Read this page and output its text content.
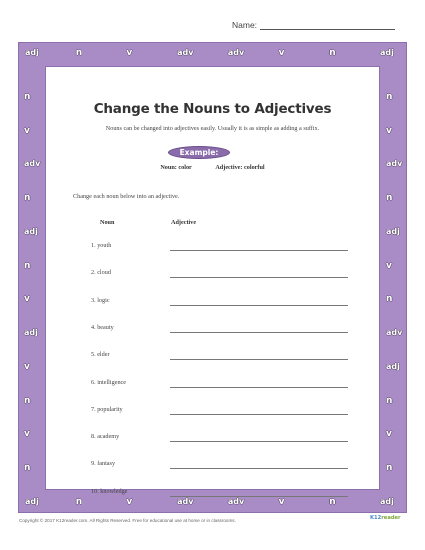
Name:
adj	n	v	adv	adv	v	n	adj
adj	n	v	adv	adv	v	n	adj
n
v
adv
n
adj
n
v
adj
v
n
v
n
n
v
adv
n
adj
v
n
adv
adj
n
v
n
Change the Nouns to Adjectives
Nouns can be changed into adjectives easily. Usually it is as simple as adding a suffix.
Example:
Noun: color	Adjective: colorful
Change each noun below into an adjective.
Noun	Adjective
1. youth
2. cloud
3. logic
4. beauty
5. elder
6. intelligence
7. popularity
8. academy
9. fantasy
10. knowledge
Copyright © 2017 K12reader.com. All Rights Reserved. Free for educational use at home or in classrooms.	K12reader
